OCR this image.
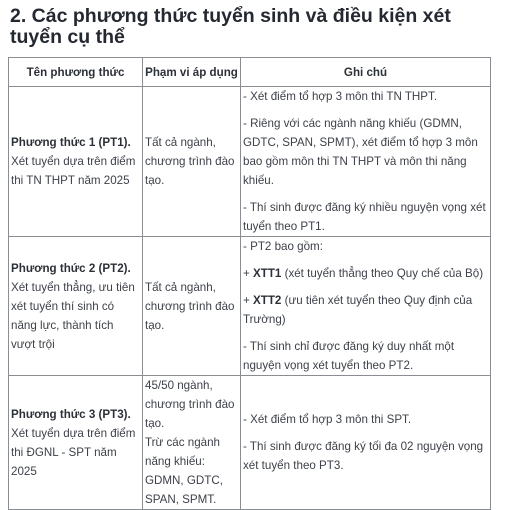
2. Các phương thức tuyển sinh và điều kiện xét tuyển cụ thể
Tên phương thức	Phạm vi áp dụng	Ghi chú

Phương thức 1 (PT1).
Xét tuyển dựa trên điểm thi TN THPT năm 2025	Tất cả ngành, chương trình đào tạo.	- Xét điểm tổ hợp 3 môn thi TN THPT.
- Riêng với các ngành năng khiếu (GDMN, GDTC, SPAN, SPMT), xét điểm tổ hợp 3 môn bao gồm môn thi TN THPT và môn thi năng khiếu.
- Thí sinh được đăng ký nhiều nguyện vọng xét tuyển theo PT1.

Phương thức 2 (PT2).
Xét tuyển thẳng, ưu tiên xét tuyển thí sinh có năng lực, thành tích vượt trội	Tất cả ngành, chương trình đào tạo.	- PT2 bao gồm:
+ XTT1 (xét tuyển thẳng theo Quy chế của Bộ)
+ XTT2 (ưu tiên xét tuyển theo Quy định của Trường)
- Thí sinh chỉ được đăng ký duy nhất một nguyện vọng xét tuyển theo PT2.

Phương thức 3 (PT3).
Xét tuyển dựa trên điểm thi ĐGNL - SPT năm 2025	45/50 ngành, chương trình đào tạo.
Trừ các ngành năng khiếu: GDMN, GDTC, SPAN, SPMT.	- Xét điểm tổ hợp 3 môn thi SPT.
- Thí sinh được đăng ký tối đa 02 nguyện vọng xét tuyển theo PT3.
